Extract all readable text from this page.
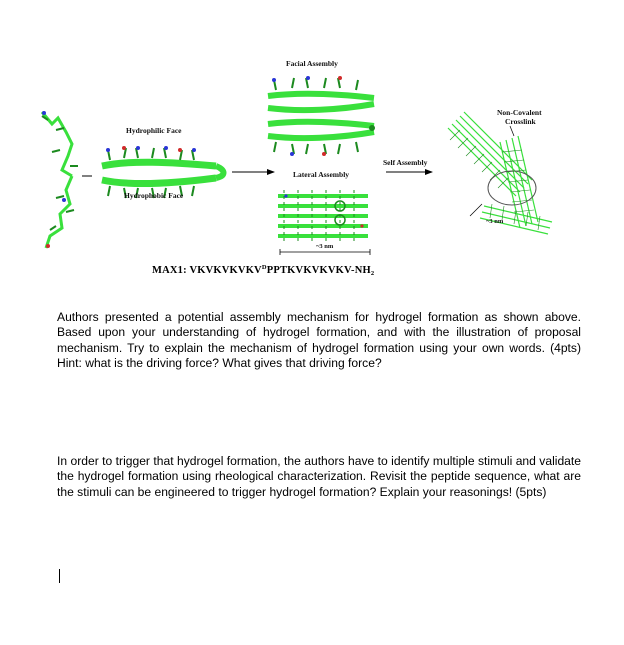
Facial Assembly
Hydrophilic Face
Hydrophobic Face
Lateral Assembly
Self Assembly
Non-Covalent
Crosslink
~3 nm
~3 nm
MAX1: $VKVKVKVKV^DPPTKVKVKVKV-NH_2$

Authors presented a potential assembly mechanism for hydrogel formation as shown above. Based upon your understanding of hydrogel formation, and with the illustration of proposal mechanism. Try to explain the mechanism of hydrogel formation using your own words. (4pts) Hint: what is the driving force? What gives that driving force?

In order to trigger that hydrogel formation, the authors have to identify multiple stimuli and validate the hydrogel formation using rheological characterization. Revisit the peptide sequence, what are the stimuli can be engineered to trigger hydrogel formation? Explain your reasonings! (5pts)
